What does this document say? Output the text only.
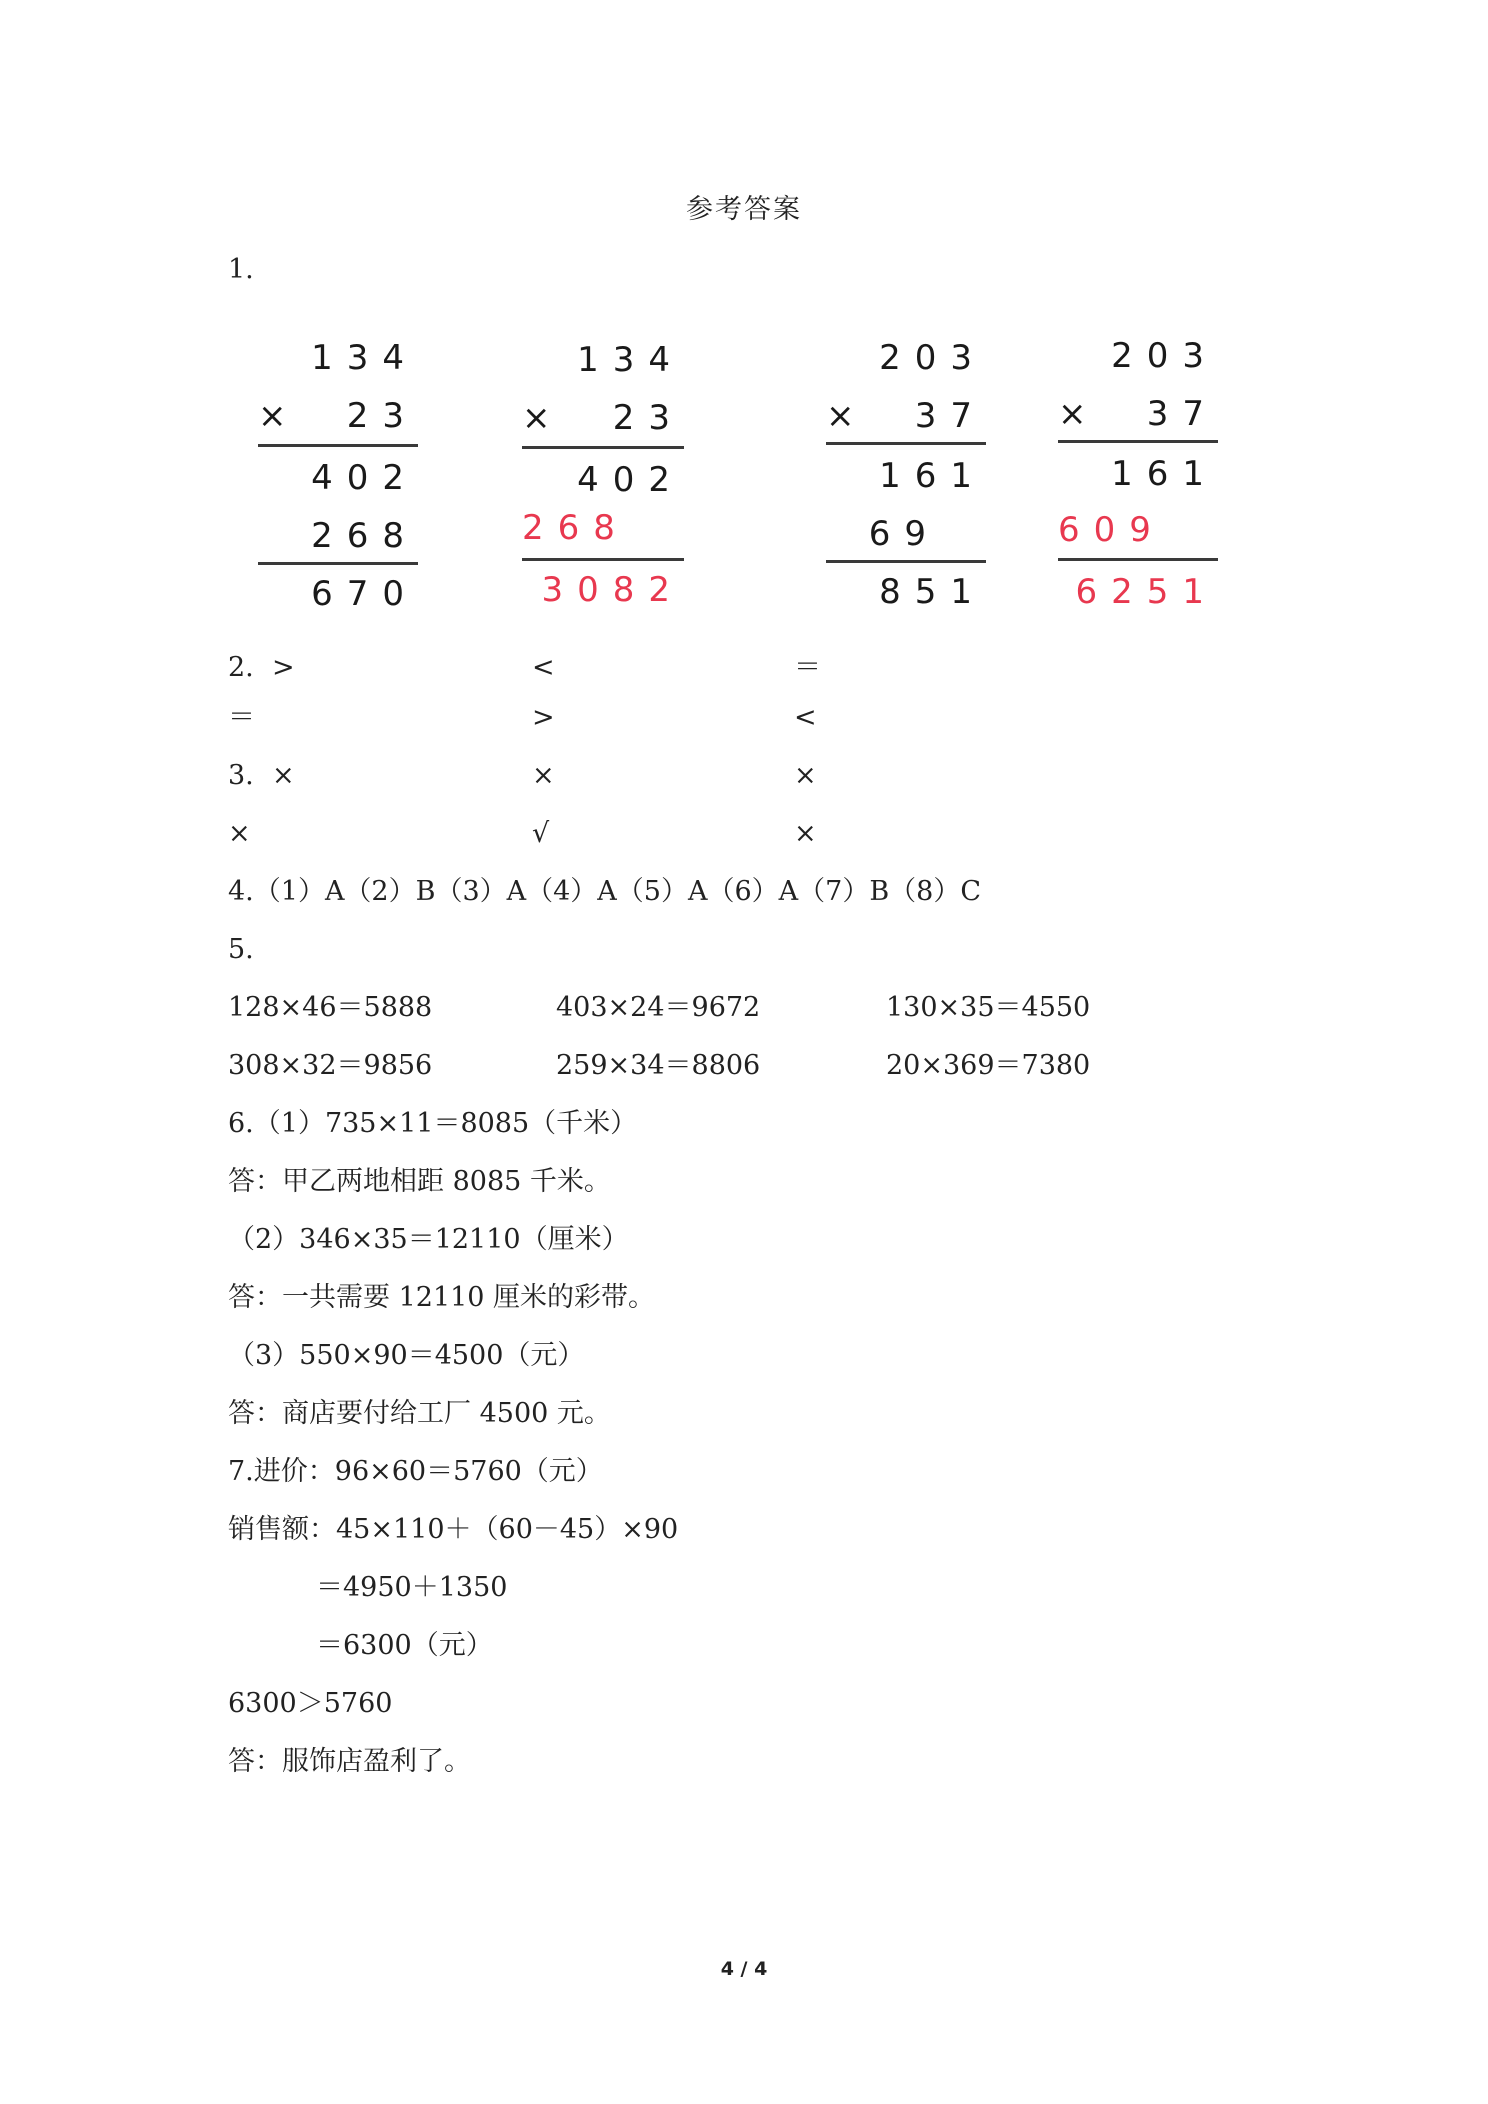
参考答案
1.
134
× 23
402
268
670
134
× 23
402
268
3082
203
× 37
161
69
851
203
× 37
161
609
6251
2. >	<	＝
＝	>	<
3. ×	×	×
×	√	×
4.（1）A（2）B（3）A（4）A（5）A（6）A（7）B（8）C
5.
128×46＝5888	403×24＝9672	130×35＝4550
308×32＝9856	259×34＝8806	20×369＝7380
6.（1）735×11＝8085（千米）
答：甲乙两地相距 8085 千米。
（2）346×35＝12110（厘米）
答：一共需要 12110 厘米的彩带。
（3）550×90＝4500（元）
答：商店要付给工厂 4500 元。
7.进价：96×60＝5760（元）
销售额：45×110＋（60－45）×90
＝4950＋1350
＝6300（元）
6300＞5760
答：服饰店盈利了。
4 / 4
